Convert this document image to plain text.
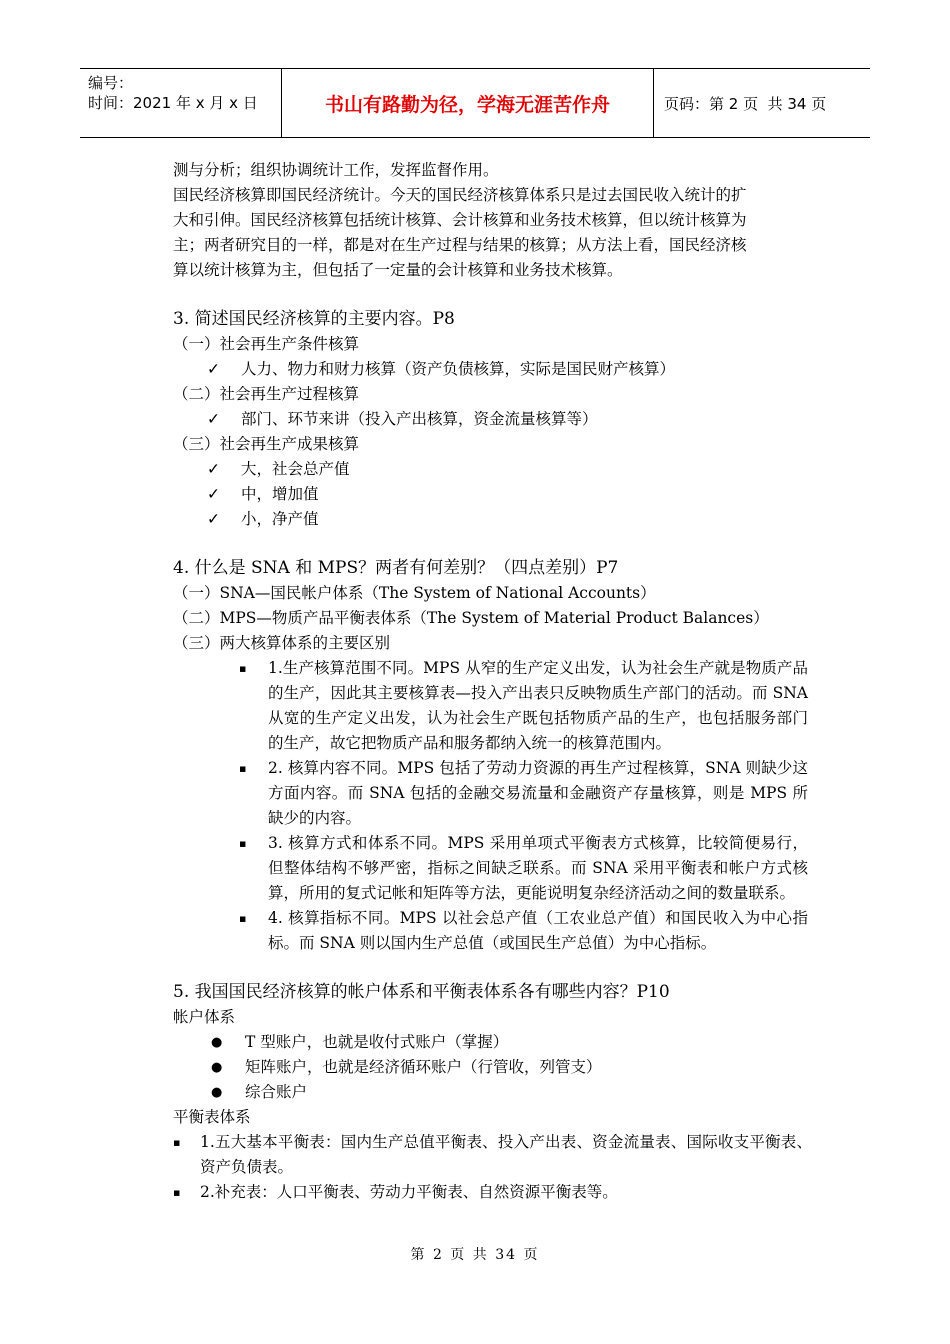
编号：
时间：2021 年 x 月 x 日	书山有路勤为径，学海无涯苦作舟	页码：第 2 页  共 34 页
测与分析；组织协调统计工作，发挥监督作用。
国民经济核算即国民经济统计。今天的国民经济核算体系只是过去国民收入统计的扩
大和引伸。国民经济核算包括统计核算、会计核算和业务技术核算，但以统计核算为
主；两者研究目的一样，都是对在生产过程与结果的核算；从方法上看，国民经济核
算以统计核算为主，但包括了一定量的会计核算和业务技术核算。
3. 简述国民经济核算的主要内容。P8
（一）社会再生产条件核算
✓	人力、物力和财力核算（资产负债核算，实际是国民财产核算）
（二）社会再生产过程核算
✓	部门、环节来讲（投入产出核算，资金流量核算等）
（三）社会再生产成果核算
✓	大，社会总产值
✓	中，增加值
✓	小，净产值
4. 什么是 SNA 和 MPS？两者有何差别？（四点差别）P7
（一）SNA—国民帐户体系（The System of National Accounts）
（二）MPS—物质产品平衡表体系（The System of Material Product Balances）
（三）两大核算体系的主要区别
▪	1.生产核算范围不同。MPS 从窄的生产定义出发，认为社会生产就是物质产品的生产，因此其主要核算表—投入产出表只反映物质生产部门的活动。而 SNA 从宽的生产定义出发，认为社会生产既包括物质产品的生产，也包括服务部门的生产，故它把物质产品和服务都纳入统一的核算范围内。
▪	2. 核算内容不同。MPS 包括了劳动力资源的再生产过程核算，SNA 则缺少这方面内容。而 SNA 包括的金融交易流量和金融资产存量核算，则是 MPS 所缺少的内容。
▪	3. 核算方式和体系不同。MPS 采用单项式平衡表方式核算，比较简便易行，但整体结构不够严密，指标之间缺乏联系。而 SNA 采用平衡表和帐户方式核算，所用的复式记帐和矩阵等方法，更能说明复杂经济活动之间的数量联系。
▪	4. 核算指标不同。MPS 以社会总产值（工农业总产值）和国民收入为中心指标。而 SNA 则以国内生产总值（或国民生产总值）为中心指标。
5. 我国国民经济核算的帐户体系和平衡表体系各有哪些内容？P10
帐户体系
●	T 型账户，也就是收付式账户（掌握）
●	矩阵账户，也就是经济循环账户（行管收，列管支）
●	综合账户
平衡表体系
▪	1.五大基本平衡表：国内生产总值平衡表、投入产出表、资金流量表、国际收支平衡表、资产负债表。
▪	2.补充表：人口平衡表、劳动力平衡表、自然资源平衡表等。
第 2 页 共 34 页
